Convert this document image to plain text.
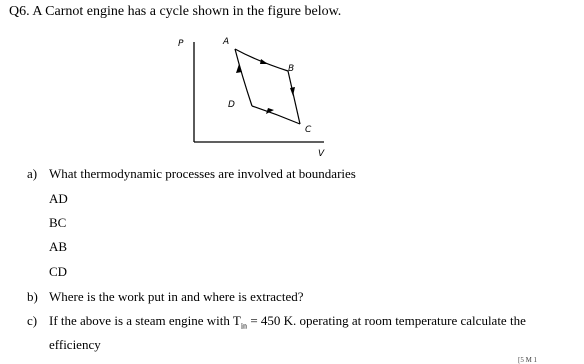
Q6. A Carnot engine has a cycle shown in the figure below.
P
V
A
B
C
D
a) What thermodynamic processes are involved at boundaries
AD
BC
AB
CD
b) Where is the work put in and where is extracted?
c) If the above is a steam engine with $T_{in} = 450$ K. operating at room temperature calculate the
efficiency
[5 M 1
